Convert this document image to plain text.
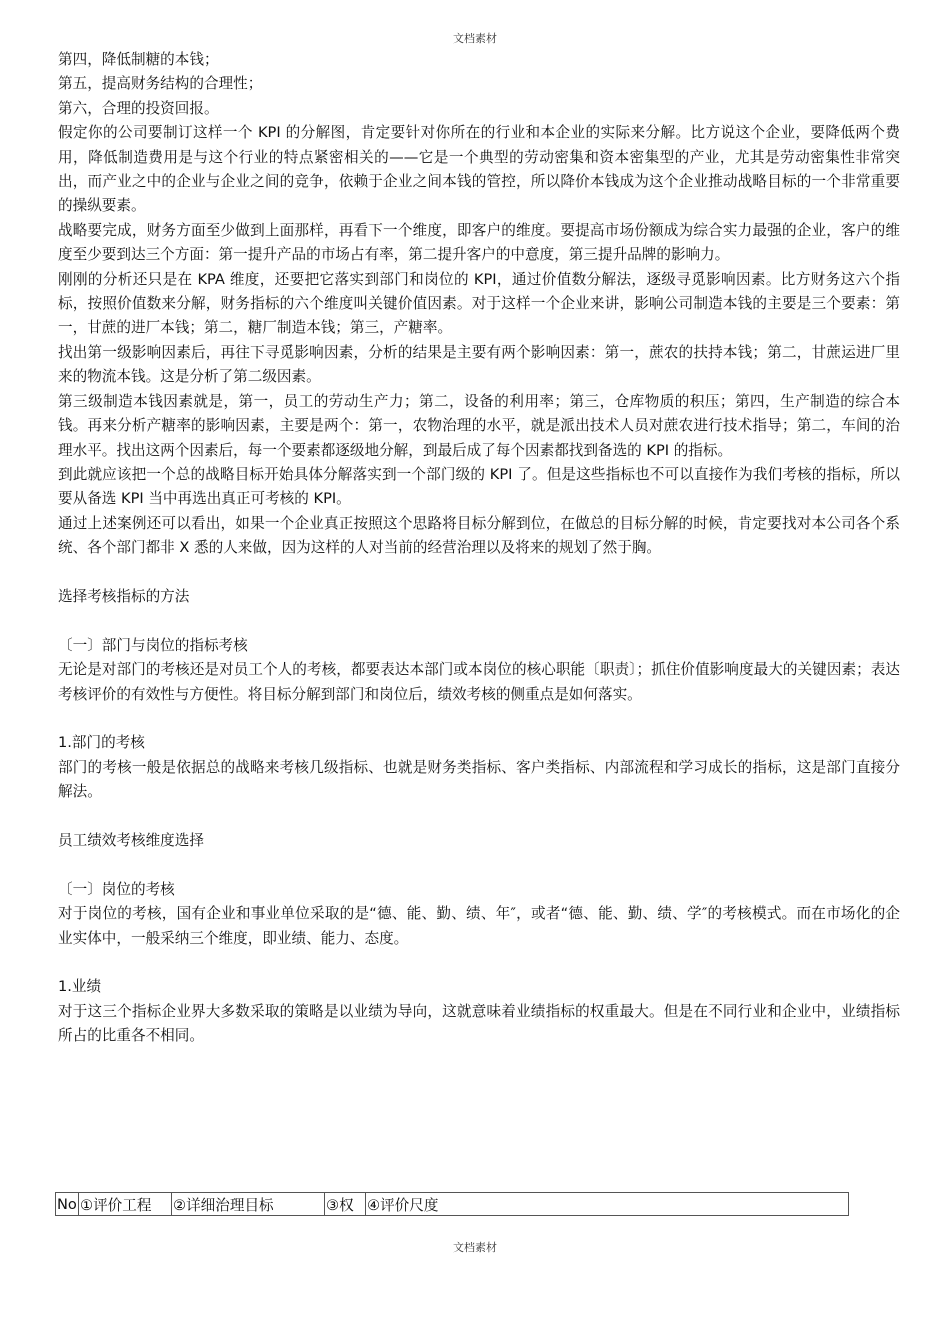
文档素材

第四，降低制糖的本钱；

第五，提高财务结构的合理性；

第六，合理的投资回报。

假定你的公司要制订这样一个 KPI 的分解图，肯定要针对你所在的行业和本企业的实际来分解。比方说这个企业，要降低两个费用，降低制造费用是与这个行业的特点紧密相关的——它是一个典型的劳动密集和资本密集型的产业，尤其是劳动密集性非常突出，而产业之中的企业与企业之间的竞争，依赖于企业之间本钱的管控，所以降价本钱成为这个企业推动战略目标的一个非常重要的操纵要素。

战略要完成，财务方面至少做到上面那样，再看下一个维度，即客户的维度。要提高市场份额成为综合实力最强的企业，客户的维度至少要到达三个方面：第一提升产品的市场占有率，第二提升客户的中意度，第三提升品牌的影响力。

刚刚的分析还只是在 KPA 维度，还要把它落实到部门和岗位的 KPI，通过价值数分解法，逐级寻觅影响因素。比方财务这六个指标，按照价值数来分解，财务指标的六个维度叫关键价值因素。对于这样一个企业来讲，影响公司制造本钱的主要是三个要素：第一，甘蔗的进厂本钱；第二，糖厂制造本钱；第三，产糖率。

找出第一级影响因素后，再往下寻觅影响因素，分析的结果是主要有两个影响因素：第一，蔗农的扶持本钱；第二，甘蔗运进厂里来的物流本钱。这是分析了第二级因素。

第三级制造本钱因素就是，第一，员工的劳动生产力；第二，设备的利用率；第三，仓库物质的积压；第四，生产制造的综合本钱。再来分析产糖率的影响因素，主要是两个：第一，农物治理的水平，就是派出技术人员对蔗农进行技术指导；第二，车间的治理水平。找出这两个因素后，每一个要素都逐级地分解，到最后成了每个因素都找到备选的 KPI 的指标。

到此就应该把一个总的战略目标开始具体分解落实到一个部门级的 KPI 了。但是这些指标也不可以直接作为我们考核的指标，所以要从备选 KPI 当中再选出真正可考核的 KPI。

通过上述案例还可以看出，如果一个企业真正按照这个思路将目标分解到位，在做总的目标分解的时候，肯定要找对本公司各个系统、各个部门都非 X 悉的人来做，因为这样的人对当前的经营治理以及将来的规划了然于胸。

选择考核指标的方法

〔一〕部门与岗位的指标考核

无论是对部门的考核还是对员工个人的考核，都要表达本部门或本岗位的核心职能〔职责〕；抓住价值影响度最大的关键因素；表达考核评价的有效性与方便性。将目标分解到部门和岗位后，绩效考核的侧重点是如何落实。

1.部门的考核

部门的考核一般是依据总的战略来考核几级指标、也就是财务类指标、客户类指标、内部流程和学习成长的指标，这是部门直接分解法。

员工绩效考核维度选择

〔一〕岗位的考核

对于岗位的考核，国有企业和事业单位采取的是“德、能、勤、绩、年″，或者“德、能、勤、绩、学″的考核模式。而在市场化的企业实体中，一般采纳三个维度，即业绩、能力、态度。

1.业绩

对于这三个指标企业界大多数采取的策略是以业绩为导向，这就意味着业绩指标的权重最大。但是在不同行业和企业中，业绩指标所占的比重各不相同。

No	①评价工程	②详细治理目标	③权	④评价尺度
文档素材
